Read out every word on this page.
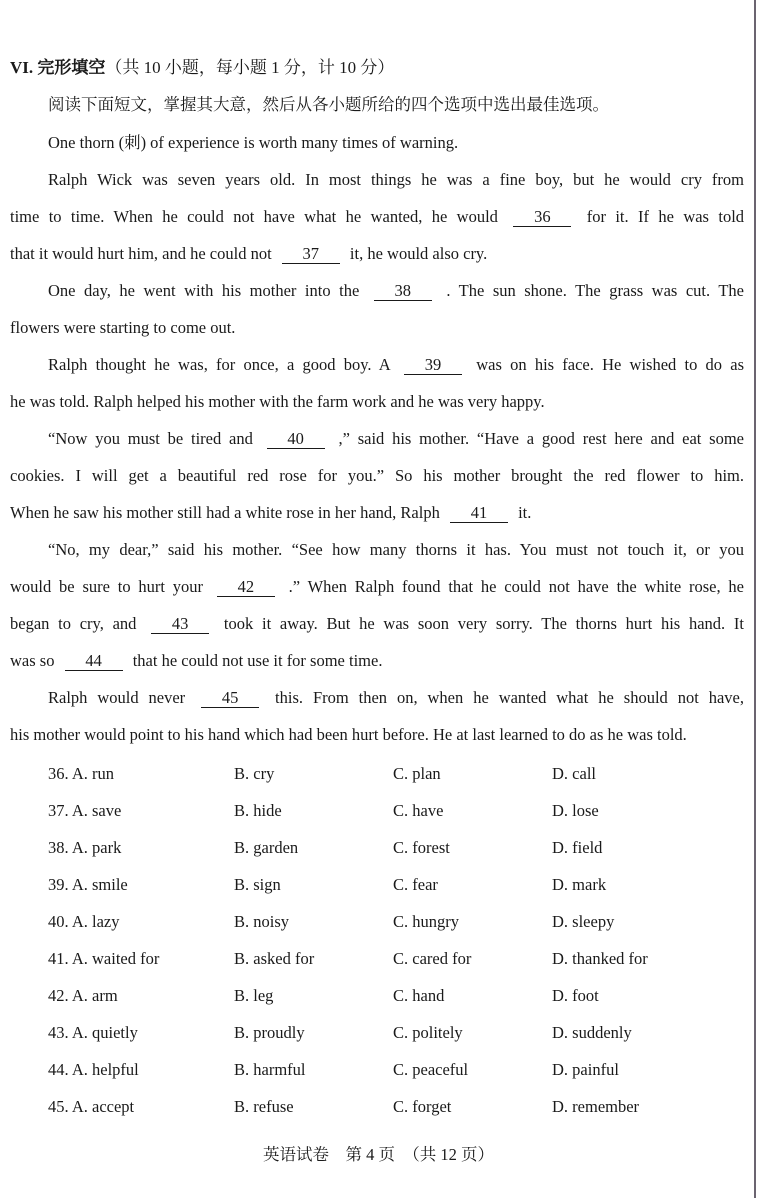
VI. 完形填空（共 10 小题，每小题 1 分，计 10 分）
阅读下面短文，掌握其大意，然后从各小题所给的四个选项中选出最佳选项。
One thorn (刺) of experience is worth many times of warning.
Ralph Wick was seven years old. In most things he was a fine boy, but he would cry from
time to time. When he could not have what he wanted, he would 36 for it. If he was told
that it would hurt him, and he could not 37 it, he would also cry.
One day, he went with his mother into the 38 . The sun shone. The grass was cut. The
flowers were starting to come out.
Ralph thought he was, for once, a good boy. A 39 was on his face. He wished to do as
he was told. Ralph helped his mother with the farm work and he was very happy.
“Now you must be tired and 40 ,” said his mother. “Have a good rest here and eat some
cookies. I will get a beautiful red rose for you.” So his mother brought the red flower to him.
When he saw his mother still had a white rose in her hand, Ralph 41 it.
“No, my dear,” said his mother. “See how many thorns it has. You must not touch it, or you
would be sure to hurt your 42 .” When Ralph found that he could not have the white rose, he
began to cry, and 43 took it away. But he was soon very sorry. The thorns hurt his hand. It
was so 44 that he could not use it for some time.
Ralph would never 45 this. From then on, when he wanted what he should not have,
his mother would point to his hand which had been hurt before. He at last learned to do as he was told.
36. A. run	B. cry	C. plan	D. call
37. A. save	B. hide	C. have	D. lose
38. A. park	B. garden	C. forest	D. field
39. A. smile	B. sign	C. fear	D. mark
40. A. lazy	B. noisy	C. hungry	D. sleepy
41. A. waited for	B. asked for	C. cared for	D. thanked for
42. A. arm	B. leg	C. hand	D. foot
43. A. quietly	B. proudly	C. politely	D. suddenly
44. A. helpful	B. harmful	C. peaceful	D. painful
45. A. accept	B. refuse	C. forget	D. remember
英语试卷 第 4 页 （共 12 页）
